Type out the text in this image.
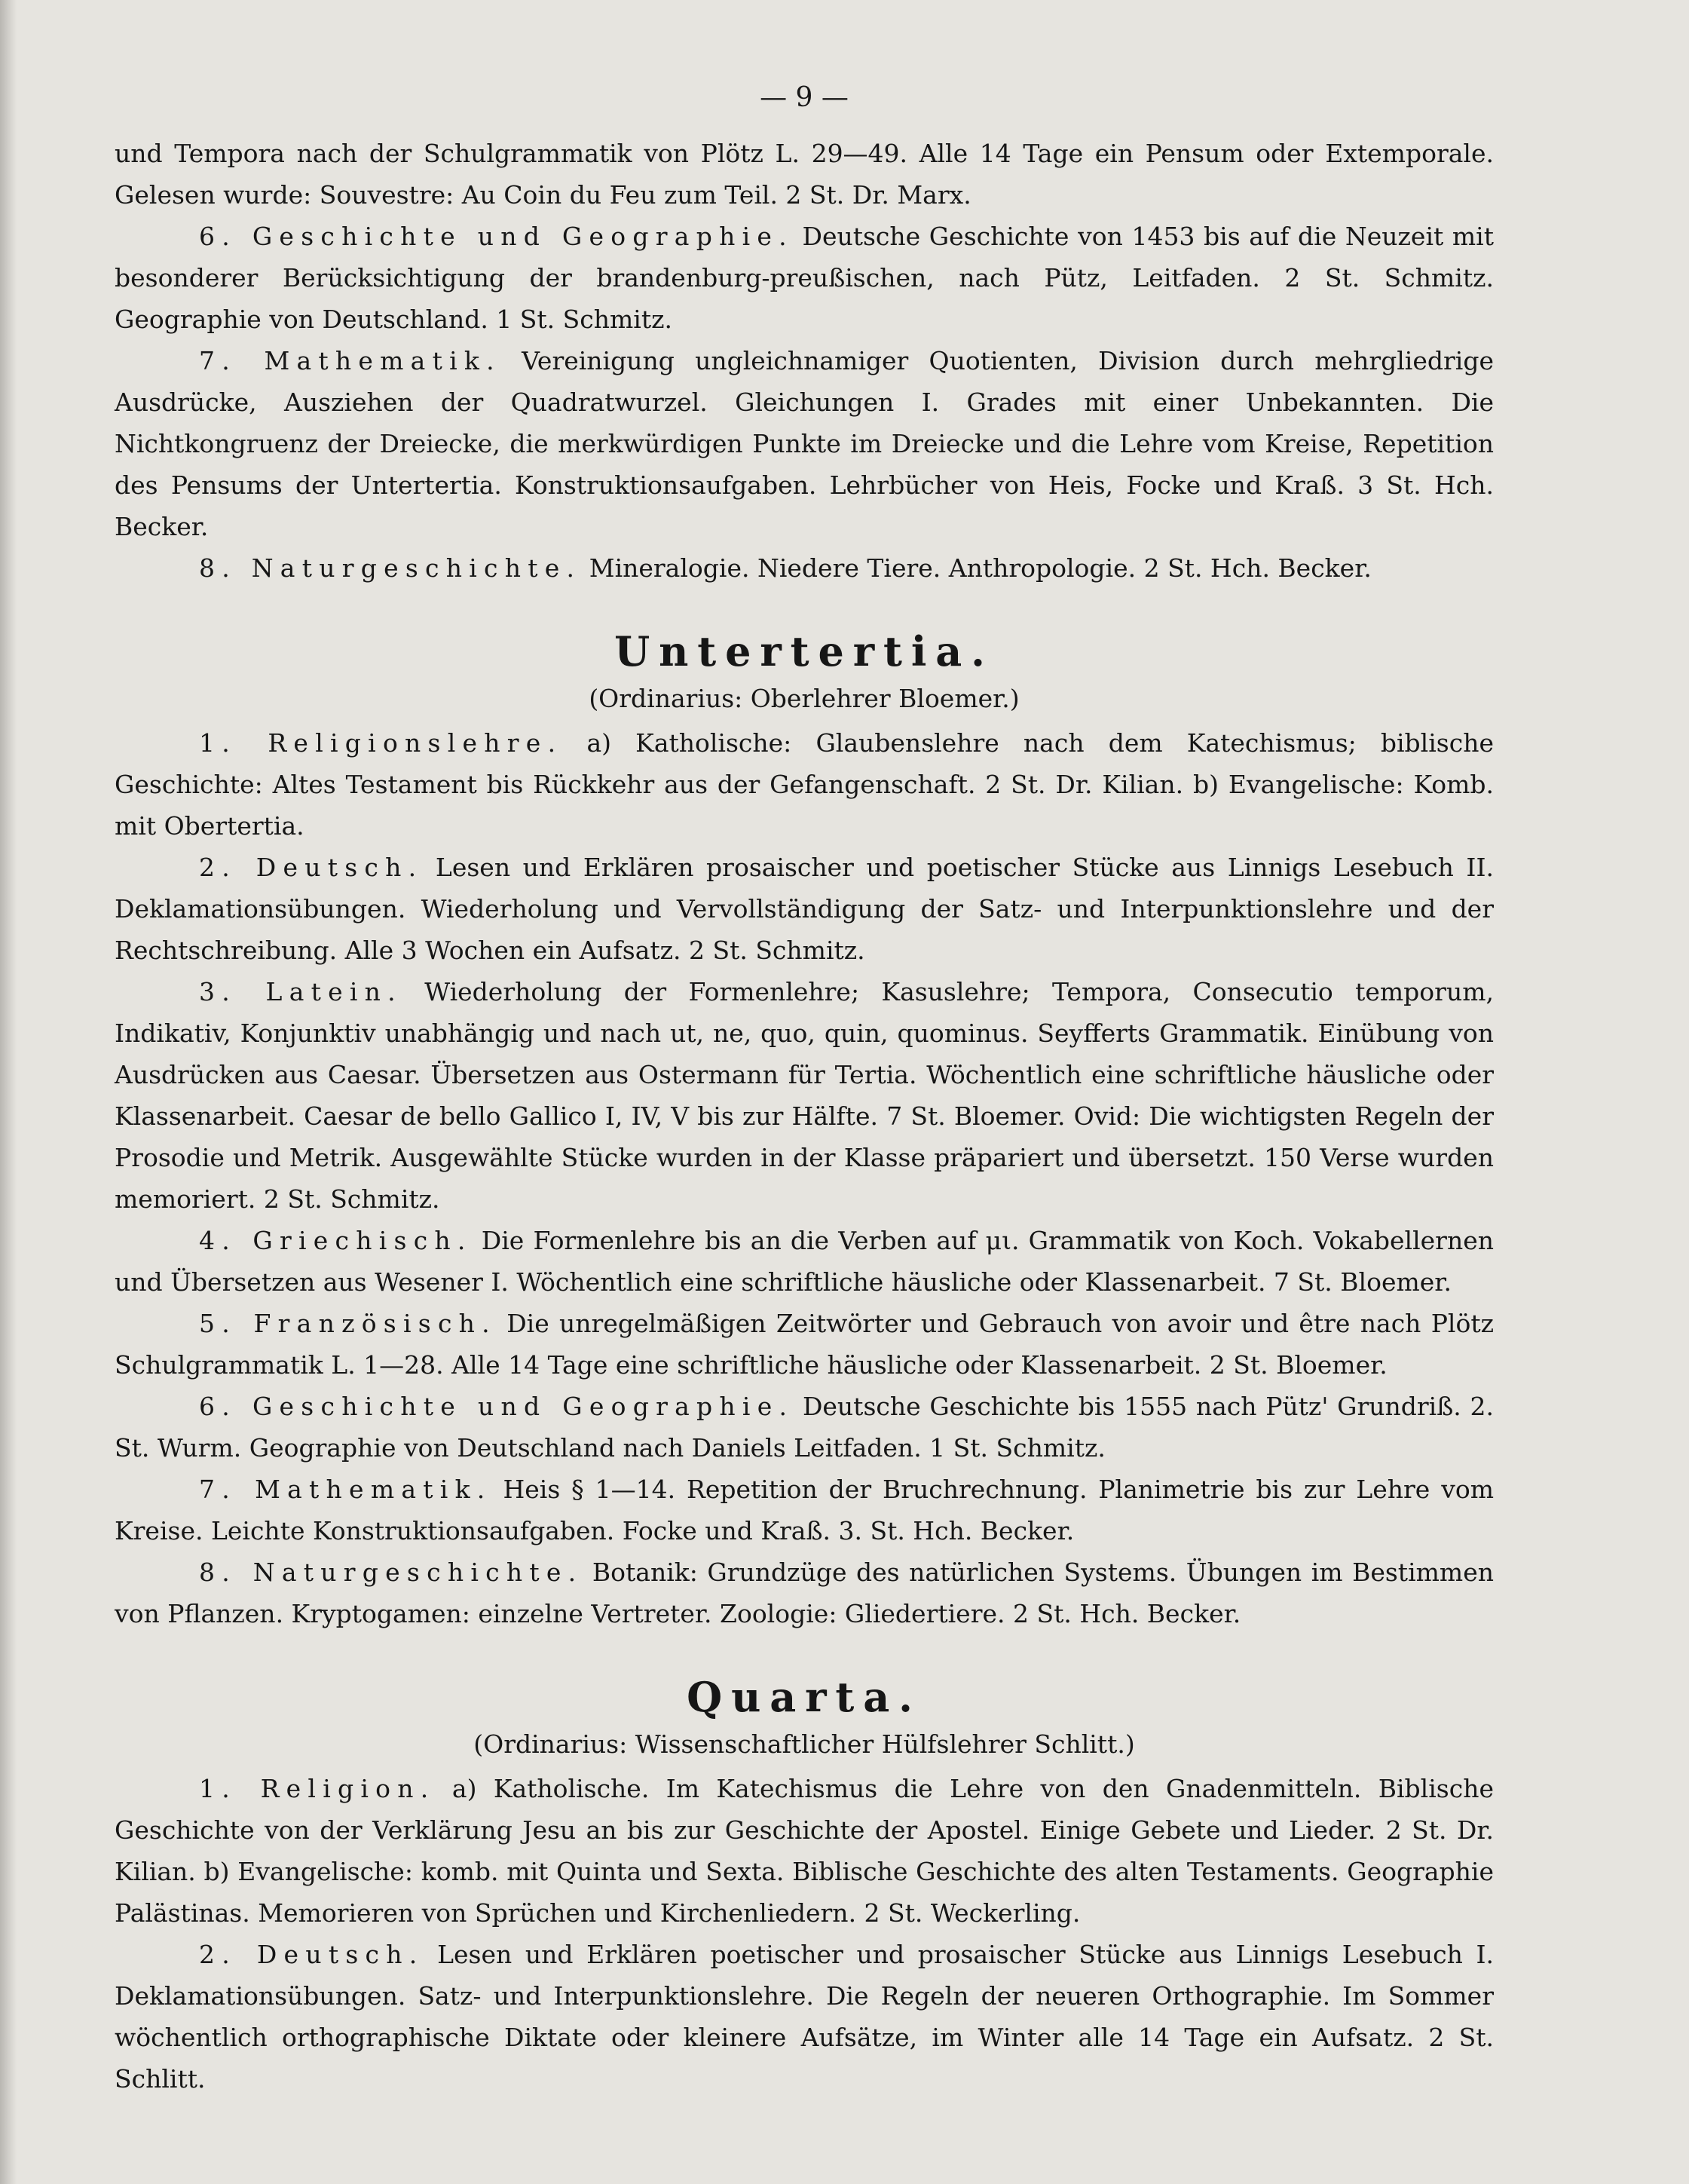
— 9 —

und Tempora nach der Schulgrammatik von Plötz L. 29—49. Alle 14 Tage ein Pensum oder Extemporale. Gelesen wurde: Souvestre: Au Coin du Feu zum Teil. 2 St. Dr. Marx.

6. Geschichte und Geographie. Deutsche Geschichte von 1453 bis auf die Neuzeit mit besonderer Berücksichtigung der brandenburg-preußischen, nach Pütz, Leitfaden. 2 St. Schmitz. Geographie von Deutschland. 1 St. Schmitz.

7. Mathematik. Vereinigung ungleichnamiger Quotienten, Division durch mehrgliedrige Ausdrücke, Ausziehen der Quadratwurzel. Gleichungen I. Grades mit einer Unbekannten. Die Nichtkongruenz der Dreiecke, die merkwürdigen Punkte im Dreiecke und die Lehre vom Kreise, Repetition des Pensums der Untertertia. Konstruktionsaufgaben. Lehrbücher von Heis, Focke und Kraß. 3 St. Hch. Becker.

8. Naturgeschichte. Mineralogie. Niedere Tiere. Anthropologie. 2 St. Hch. Becker.

Untertertia.
(Ordinarius: Oberlehrer Bloemer.)

1. Religionslehre. a) Katholische: Glaubenslehre nach dem Katechismus; biblische Geschichte: Altes Testament bis Rückkehr aus der Gefangenschaft. 2 St. Dr. Kilian. b) Evangelische: Komb. mit Obertertia.

2. Deutsch. Lesen und Erklären prosaischer und poetischer Stücke aus Linnigs Lesebuch II. Deklamationsübungen. Wiederholung und Vervollständigung der Satz- und Interpunktionslehre und der Rechtschreibung. Alle 3 Wochen ein Aufsatz. 2 St. Schmitz.

3. Latein. Wiederholung der Formenlehre; Kasuslehre; Tempora, Consecutio temporum, Indikativ, Konjunktiv unabhängig und nach ut, ne, quo, quin, quominus. Seyfferts Grammatik. Einübung von Ausdrücken aus Caesar. Übersetzen aus Ostermann für Tertia. Wöchentlich eine schriftliche häusliche oder Klassenarbeit. Caesar de bello Gallico I, IV, V bis zur Hälfte. 7 St. Bloemer. Ovid: Die wichtigsten Regeln der Prosodie und Metrik. Ausgewählte Stücke wurden in der Klasse präpariert und übersetzt. 150 Verse wurden memoriert. 2 St. Schmitz.

4. Griechisch. Die Formenlehre bis an die Verben auf μι. Grammatik von Koch. Vokabellernen und Übersetzen aus Wesener I. Wöchentlich eine schriftliche häusliche oder Klassenarbeit. 7 St. Bloemer.

5. Französisch. Die unregelmäßigen Zeitwörter und Gebrauch von avoir und être nach Plötz Schulgrammatik L. 1—28. Alle 14 Tage eine schriftliche häusliche oder Klassenarbeit. 2 St. Bloemer.

6. Geschichte und Geographie. Deutsche Geschichte bis 1555 nach Pütz' Grundriß. 2. St. Wurm. Geographie von Deutschland nach Daniels Leitfaden. 1 St. Schmitz.

7. Mathematik. Heis § 1—14. Repetition der Bruchrechnung. Planimetrie bis zur Lehre vom Kreise. Leichte Konstruktionsaufgaben. Focke und Kraß. 3. St. Hch. Becker.

8. Naturgeschichte. Botanik: Grundzüge des natürlichen Systems. Übungen im Bestimmen von Pflanzen. Kryptogamen: einzelne Vertreter. Zoologie: Gliedertiere. 2 St. Hch. Becker.

Quarta.
(Ordinarius: Wissenschaftlicher Hülfslehrer Schlitt.)

1. Religion. a) Katholische. Im Katechismus die Lehre von den Gnadenmitteln. Biblische Geschichte von der Verklärung Jesu an bis zur Geschichte der Apostel. Einige Gebete und Lieder. 2 St. Dr. Kilian. b) Evangelische: komb. mit Quinta und Sexta. Biblische Geschichte des alten Testaments. Geographie Palästinas. Memorieren von Sprüchen und Kirchenliedern. 2 St. Weckerling.

2. Deutsch. Lesen und Erklären poetischer und prosaischer Stücke aus Linnigs Lesebuch I. Deklamationsübungen. Satz- und Interpunktionslehre. Die Regeln der neueren Orthographie. Im Sommer wöchentlich orthographische Diktate oder kleinere Aufsätze, im Winter alle 14 Tage ein Aufsatz. 2 St. Schlitt.
